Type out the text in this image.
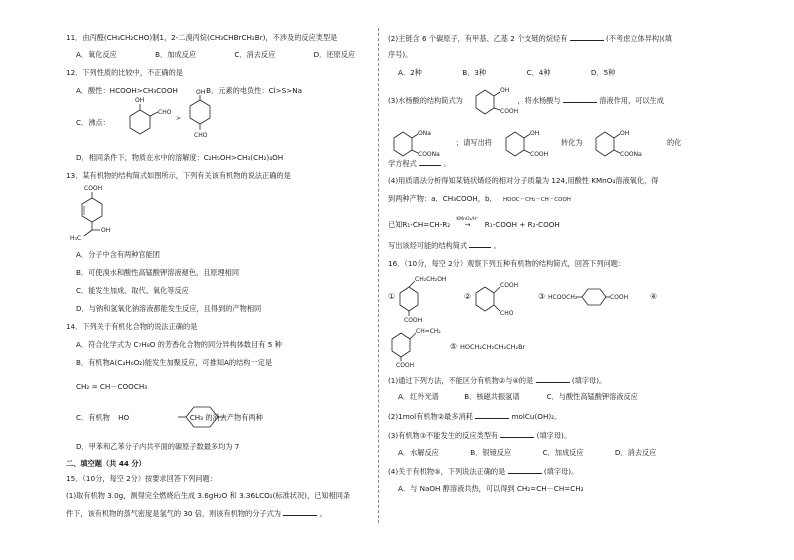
11．由丙醛(CH₃CH₂CHO)制1，2-二溴丙烷(CH₃CHBrCH₂Br)，不涉及的反应类型是
A．氧化反应	B．加成反应	C．消去反应	D．还原反应
12．下列性质的比较中，不正确的是
A．酸性：HCOOH>CH₃COOH	B．元素的电负性：Cl>S>Na
C．沸点：
OH
CHO
>
OH
CHO
D．相同条件下，物质在水中的溶解度：C₂H₅OH>CH₃(CH₂)₄OH
13．某有机物的结构简式如图所示，下列有关该有机物的说法正确的是
COOH
OH
H₃C
A．分子中含有两种官能团
B．可使溴水和酸性高锰酸钾溶液褪色，且原理相同
C．能发生加成、取代、氧化等反应
D．与钠和氢氧化钠溶液都能发生反应，且得到的产物相同
14．下列关于有机化合物的说法正确的是
A．符合化学式为 C₇H₈O 的芳香化合物的同分异构体数目有 5 种
B．有机物A(C₄H₆O₂)能发生加聚反应，可推知A的结构一定是
CH₂ = CH－COOCH₃
C．有机物 HO	CH₃ 的消去产物有两种
D．甲苯和乙苯分子内共平面的碳原子数最多均为 7
二、填空题（共 44 分）
15．（10分，每空 2分）按要求回答下列问题：
(1)取有机物 3.0g，测得完全燃烧后生成 3.6gH₂O 和 3.36LCO₂(标准状况)，已知相同条
件下，该有机物的蒸气密度是氢气的 30 倍，则该有机物的分子式为	。
(2)主链含 6 个碳原子，有甲基、乙基 2 个支链的烷烃有	(不考虑立体异构)(填
序号)。
A．2种	B．3种	C．4种	D．5种
(3)水杨酸的结构简式为	，将水杨酸与	溶液作用，可以生成
OH
COOH
ONa
COONa
OH
COOH
OH
COONa
；请写出将	转化为	的化
学方程式	。
(4)用质谱法分析得知某链状烯烃的相对分子质量为 124,用酸性 KMnO₄溶液氧化，得
到两种产物：a．CH₃COOH，b． HOOC－CH₂－CH－COOH
已知R₁-CH=CH-R₂
KMnO₄/H⁺
→ R₁-COOH + R₂-COOH
写出该烃可能的结构简式	。
16．（10分，每空 2分）观察下列五种有机物的结构简式，回答下列问题：
①
CH₂CH₂OH
COOH
②
COOH
CHO
③ HCOOCH₂	COOH	④
CH=CH₂
COOH
⑤ HOCH₂CH₂CH₂CH₂Br
(1)通过下列方法，不能区分有机物②与④的是	(填字母)。
A．红外光谱	B．核磁共振氢谱	C．与酸性高锰酸钾溶液反应
(2)1mol有机物②最多消耗	molCu(OH)₂。
(3)有机物③不能发生的反应类型有	(填字母)。
A．水解反应	B．银镜反应	C．加成反应	D．消去反应
(4)关于有机物⑤，下列说法正确的是	(填字母)。
A．与 NaOH 醇溶液共热，可以得到 CH₂=CH－CH=CH₂
